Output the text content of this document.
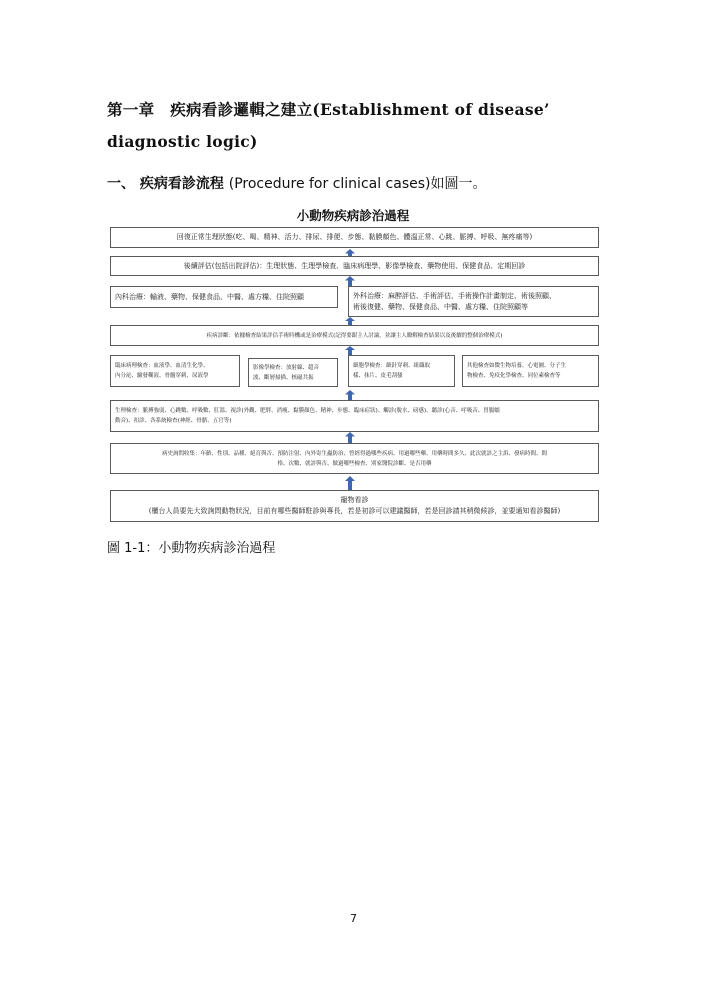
第一章　疾病看診邏輯之建立(Establishment of disease’ diagnostic logic)
一、 疾病看診流程 (Procedure for clinical cases)如圖一。
小動物疾病診治過程
回復正常生理狀態(吃、喝、精神、活力、排尿、排便、步態、黏膜顏色、體溫正常、心跳、脈搏、呼吸、無疼痛等)
後續評估(包括出院評估)：生理狀態、生理學檢查、臨床病理學、影像學檢查、藥物使用、保健食品、定期回診
內科治療：輸液、藥物、保健食品、中醫、處方糧、住院照顧	外科治療：麻醉評估、手術評估、手術操作計畫制定、術後照顧、
術後復健、藥物、保健食品、中醫、處方糧、住院照顧等
疾病診斷：依據檢查結果評估手術時機或是治療模式(記得要跟主人討論，並讓主人瞭解檢查結果以及後續的整個治療模式)
臨床病理檢查：血液學、血清生化學、
內分泌、驗發糊液、骨髓穿刺、尿液學
影像學檢查：放射線、超音
波、斷層掃描、核磁共振
細胞學檢查：細針穿刺、組織取
樣、抹片、皮毛刮搔
其他檢查如微生物培養、心電圖、分子生
物檢查、免疫化學檢查、同位素檢查等
生理檢查：脈搏強弱、心跳數、呼吸數、肛溫、視診(外觀、肥胖、消瘦、黏膜顏色、精神、步態、臨床症狀)、觸診(脫水、磅感)、聽診(心音、呼吸音、胃腸蠕
動音)、扣診、各系統檢查(神經、骨骼、五官等)
病史詢問收集：年齡、性別、品種、絕育與否、預防注射、內外寄生蟲防治、曾經得過哪些疾病、用過哪些藥、用藥時間多久、此次就診之主訴、發病時間、間
格、次數、就診與否、做過哪些檢查、別家醫院診斷、是否用藥
寵物看診
(櫃台人員要先大致詢問動物狀況，目前有哪些醫師駐診與專長，若是初診可以建議醫師，若是回診請其稍微候診，並要通知看診醫師)
圖 1-1：小動物疾病診治過程
7
